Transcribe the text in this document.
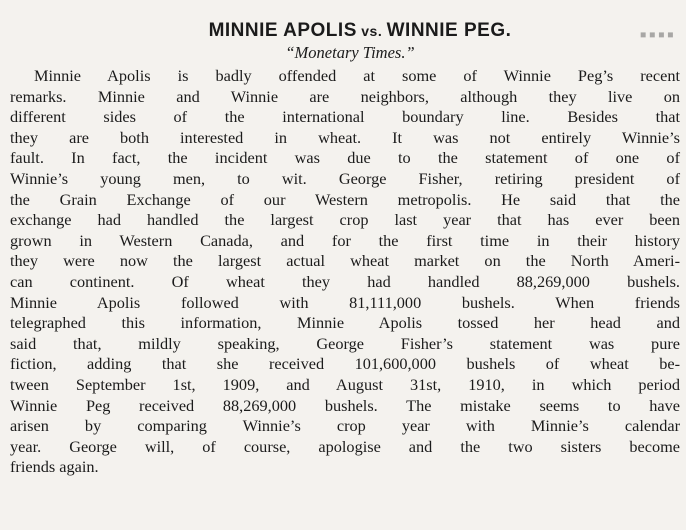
▪▪▪▪
MINNIE APOLIS vs. WINNIE PEG.
“Monetary Times.”
Minnie Apolis is badly offended at some of Winnie Peg’s recent
remarks. Minnie and Winnie are neighbors, although they live on
different sides of the international boundary line. Besides that
they are both interested in wheat. It was not entirely Winnie’s
fault. In fact, the incident was due to the statement of one of
Winnie’s young men, to wit. George Fisher, retiring president of
the Grain Exchange of our Western metropolis. He said that the
exchange had handled the largest crop last year that has ever been
grown in Western Canada, and for the first time in their history
they were now the largest actual wheat market on the North Ameri-
can continent. Of wheat they had handled 88,269,000 bushels.
Minnie Apolis followed with 81,111,000 bushels. When friends
telegraphed this information, Minnie Apolis tossed her head and
said that, mildly speaking, George Fisher’s statement was pure
fiction, adding that she received 101,600,000 bushels of wheat be-
tween September 1st, 1909, and August 31st, 1910, in which period
Winnie Peg received 88,269,000 bushels. The mistake seems to have
arisen by comparing Winnie’s crop year with Minnie’s calendar
year. George will, of course, apologise and the two sisters become
friends again.
